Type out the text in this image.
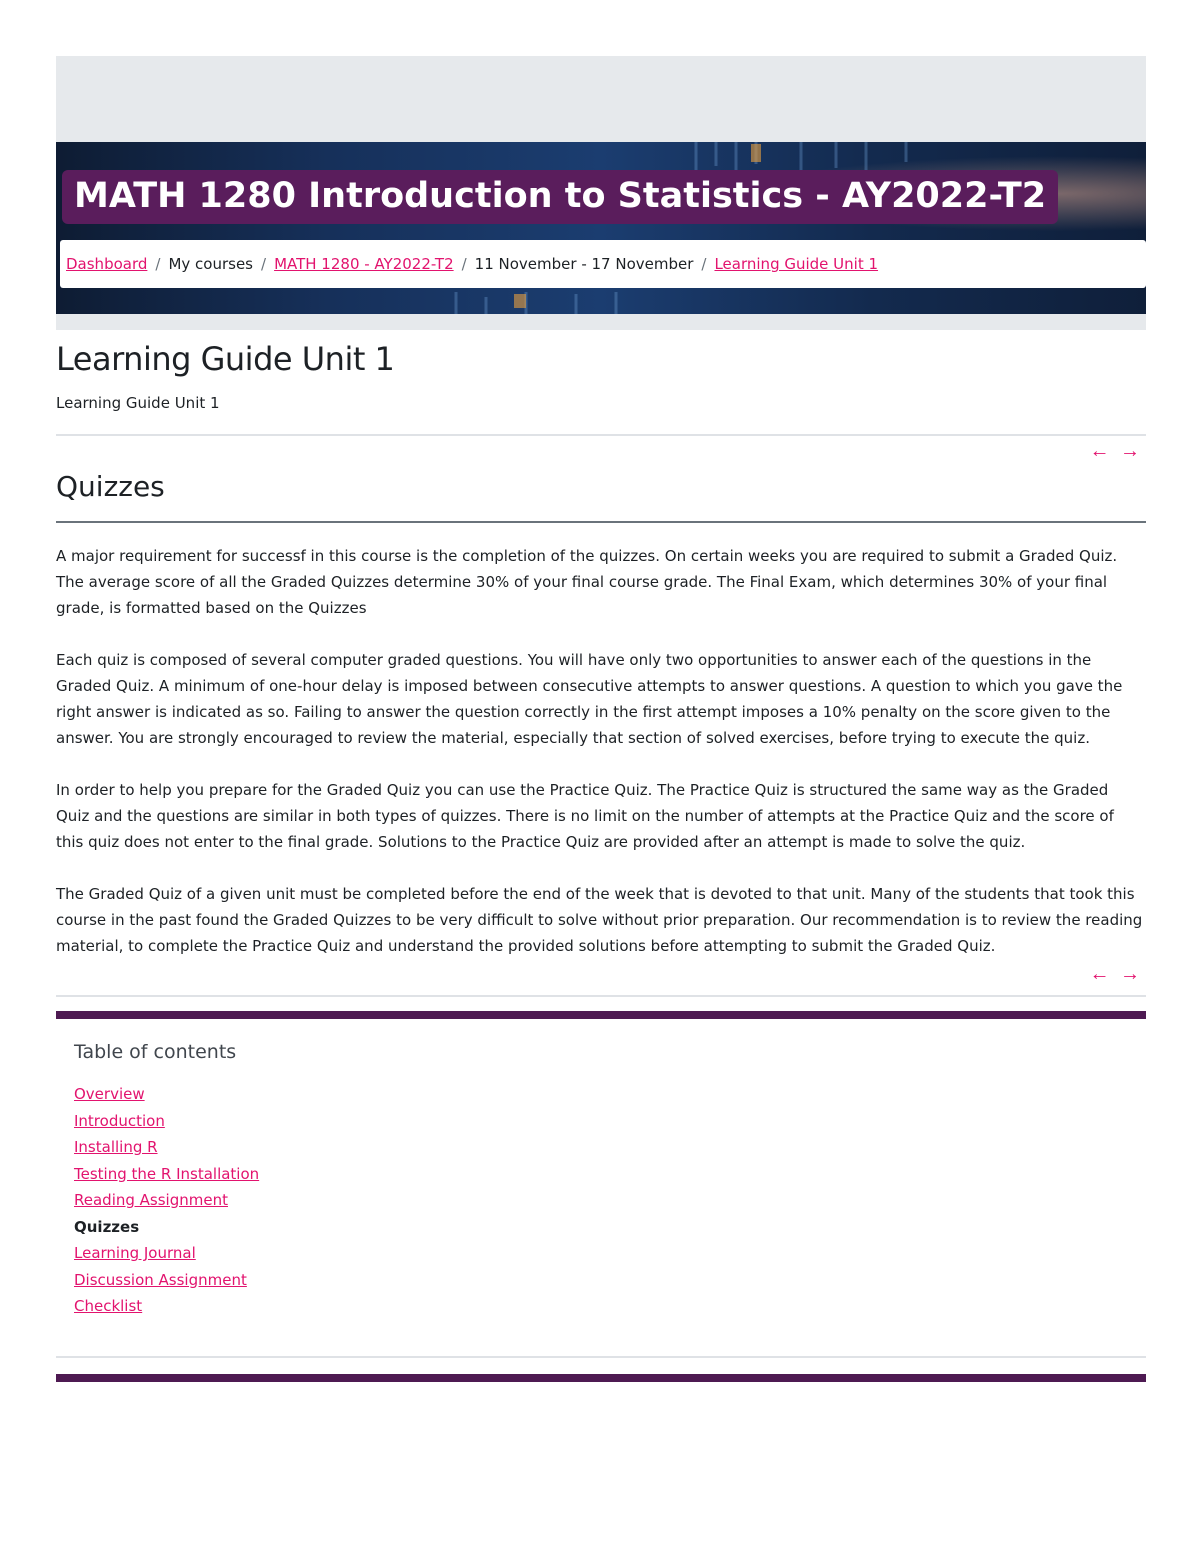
MATH 1280 Introduction to Statistics - AY2022-T2
Dashboard / My courses / MATH 1280 - AY2022-T2 / 11 November - 17 November / Learning Guide Unit 1
Learning Guide Unit 1
Learning Guide Unit 1
← →
Quizzes

A major requirement for successf in this course is the completion of the quizzes. On certain weeks you are required to submit a Graded Quiz. The average score of all the Graded Quizzes determine 30% of your final course grade. The Final Exam, which determines 30% of your final grade, is formatted based on the Quizzes

Each quiz is composed of several computer graded questions. You will have only two opportunities to answer each of the questions in the Graded Quiz. A minimum of one-hour delay is imposed between consecutive attempts to answer questions. A question to which you gave the right answer is indicated as so. Failing to answer the question correctly in the first attempt imposes a 10% penalty on the score given to the answer. You are strongly encouraged to review the material, especially that section of solved exercises, before trying to execute the quiz.

In order to help you prepare for the Graded Quiz you can use the Practice Quiz. The Practice Quiz is structured the same way as the Graded Quiz and the questions are similar in both types of quizzes. There is no limit on the number of attempts at the Practice Quiz and the score of this quiz does not enter to the final grade. Solutions to the Practice Quiz are provided after an attempt is made to solve the quiz.

The Graded Quiz of a given unit must be completed before the end of the week that is devoted to that unit. Many of the students that took this course in the past found the Graded Quizzes to be very difficult to solve without prior preparation. Our recommendation is to review the reading material, to complete the Practice Quiz and understand the provided solutions before attempting to submit the Graded Quiz.

← →
Table of contents
Overview
Introduction
Installing R
Testing the R Installation
Reading Assignment
Quizzes
Learning Journal
Discussion Assignment
Checklist
